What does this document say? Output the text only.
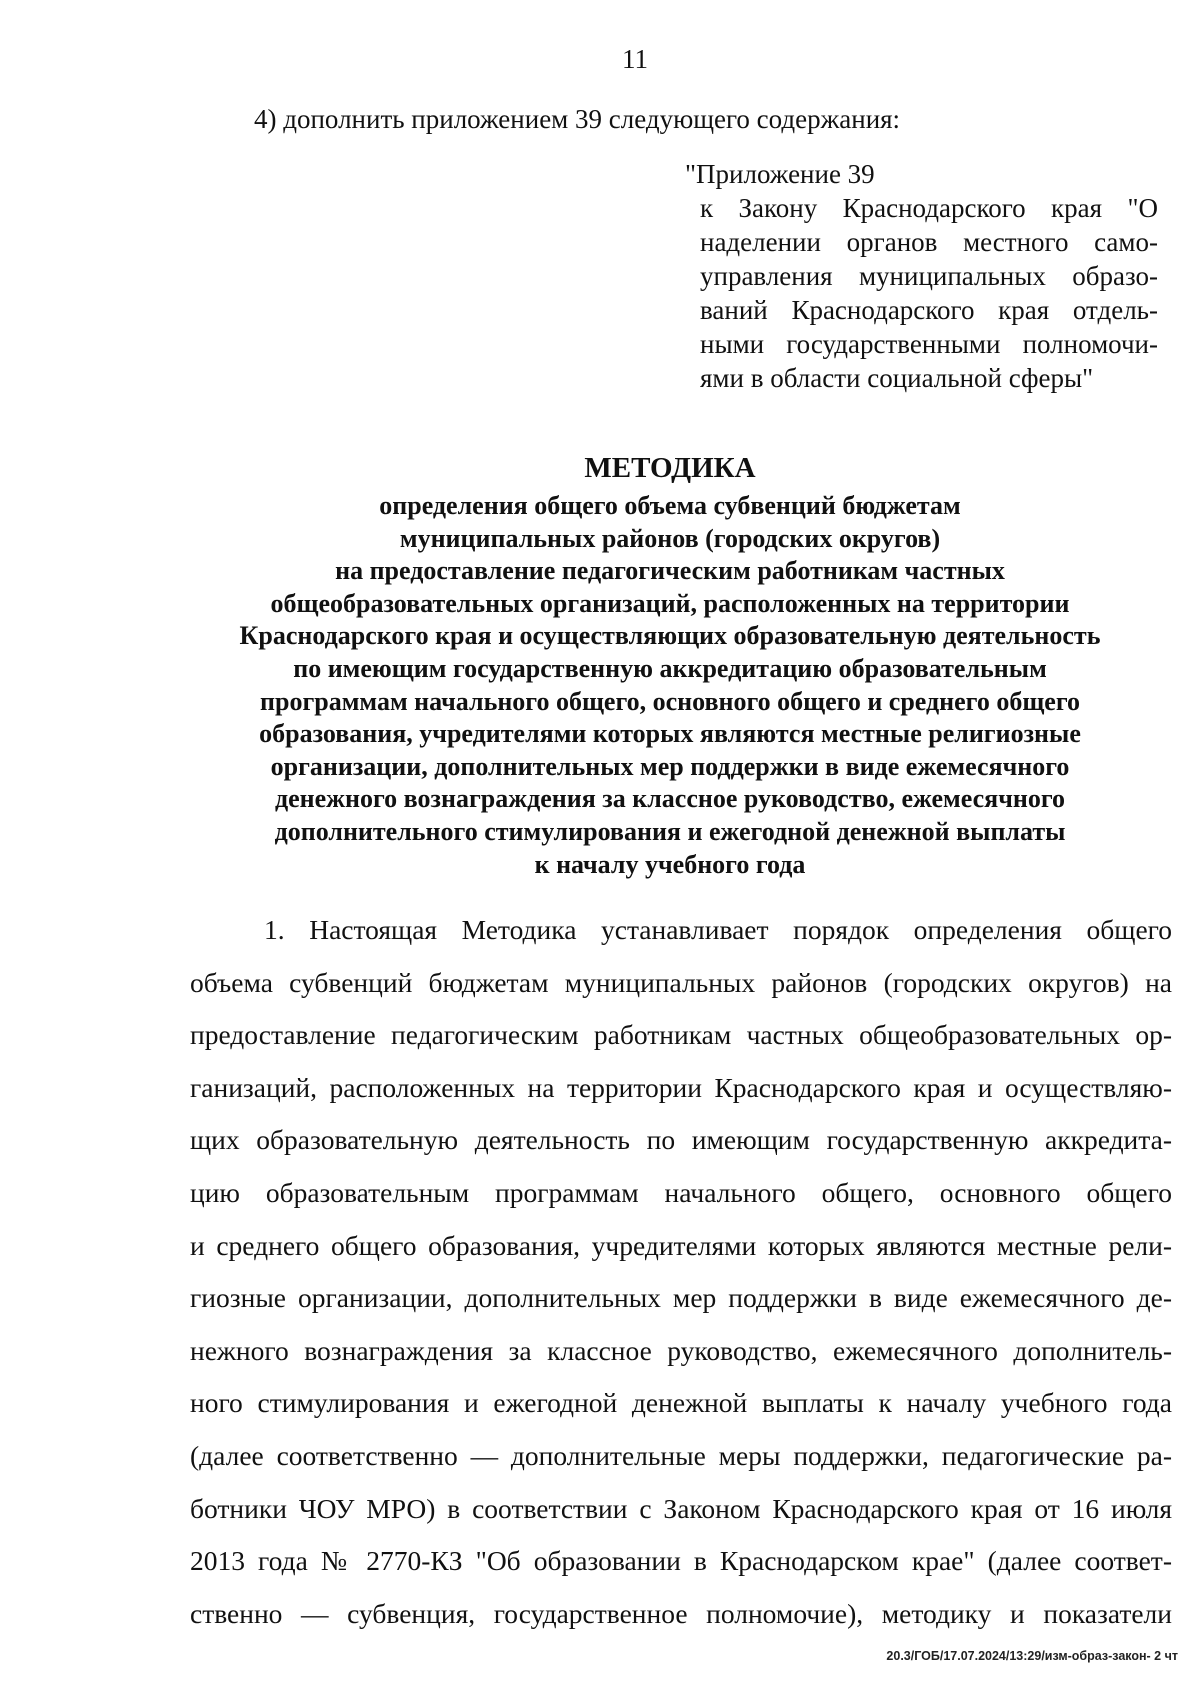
11
4) дополнить приложением 39 следующего содержания:
"Приложение 39
к Закону Краснодарского края "О
наделении органов местного само-
управления муниципальных образо-
ваний Краснодарского края отдель-
ными государственными полномочи-
ями в области социальной сферы"
МЕТОДИКА
определения общего объема субвенций бюджетам
муниципальных районов (городских округов)
на предоставление педагогическим работникам частных
общеобразовательных организаций, расположенных на территории
Краснодарского края и осуществляющих образовательную деятельность
по имеющим государственную аккредитацию образовательным
программам начального общего, основного общего и среднего общего
образования, учредителями которых являются местные религиозные
организации, дополнительных мер поддержки в виде ежемесячного
денежного вознаграждения за классное руководство, ежемесячного
дополнительного стимулирования и ежегодной денежной выплаты
к началу учебного года
1. Настоящая Методика устанавливает порядок определения общего
объема субвенций бюджетам муниципальных районов (городских округов) на
предоставление педагогическим работникам частных общеобразовательных ор-
ганизаций, расположенных на территории Краснодарского края и осуществляю-
щих образовательную деятельность по имеющим государственную аккредита-
цию образовательным программам начального общего, основного общего
и среднего общего образования, учредителями которых являются местные рели-
гиозные организации, дополнительных мер поддержки в виде ежемесячного де-
нежного вознаграждения за классное руководство, ежемесячного дополнитель-
ного стимулирования и ежегодной денежной выплаты к началу учебного года
(далее соответственно — дополнительные меры поддержки, педагогические ра-
ботники ЧОУ МРО) в соответствии с Законом Краснодарского края от 16 июля
2013 года № 2770-КЗ "Об образовании в Краснодарском крае" (далее соответ-
ственно — субвенция, государственное полномочие), методику и показатели
20.3/ГОБ/17.07.2024/13:29/изм-образ-закон- 2 чт
